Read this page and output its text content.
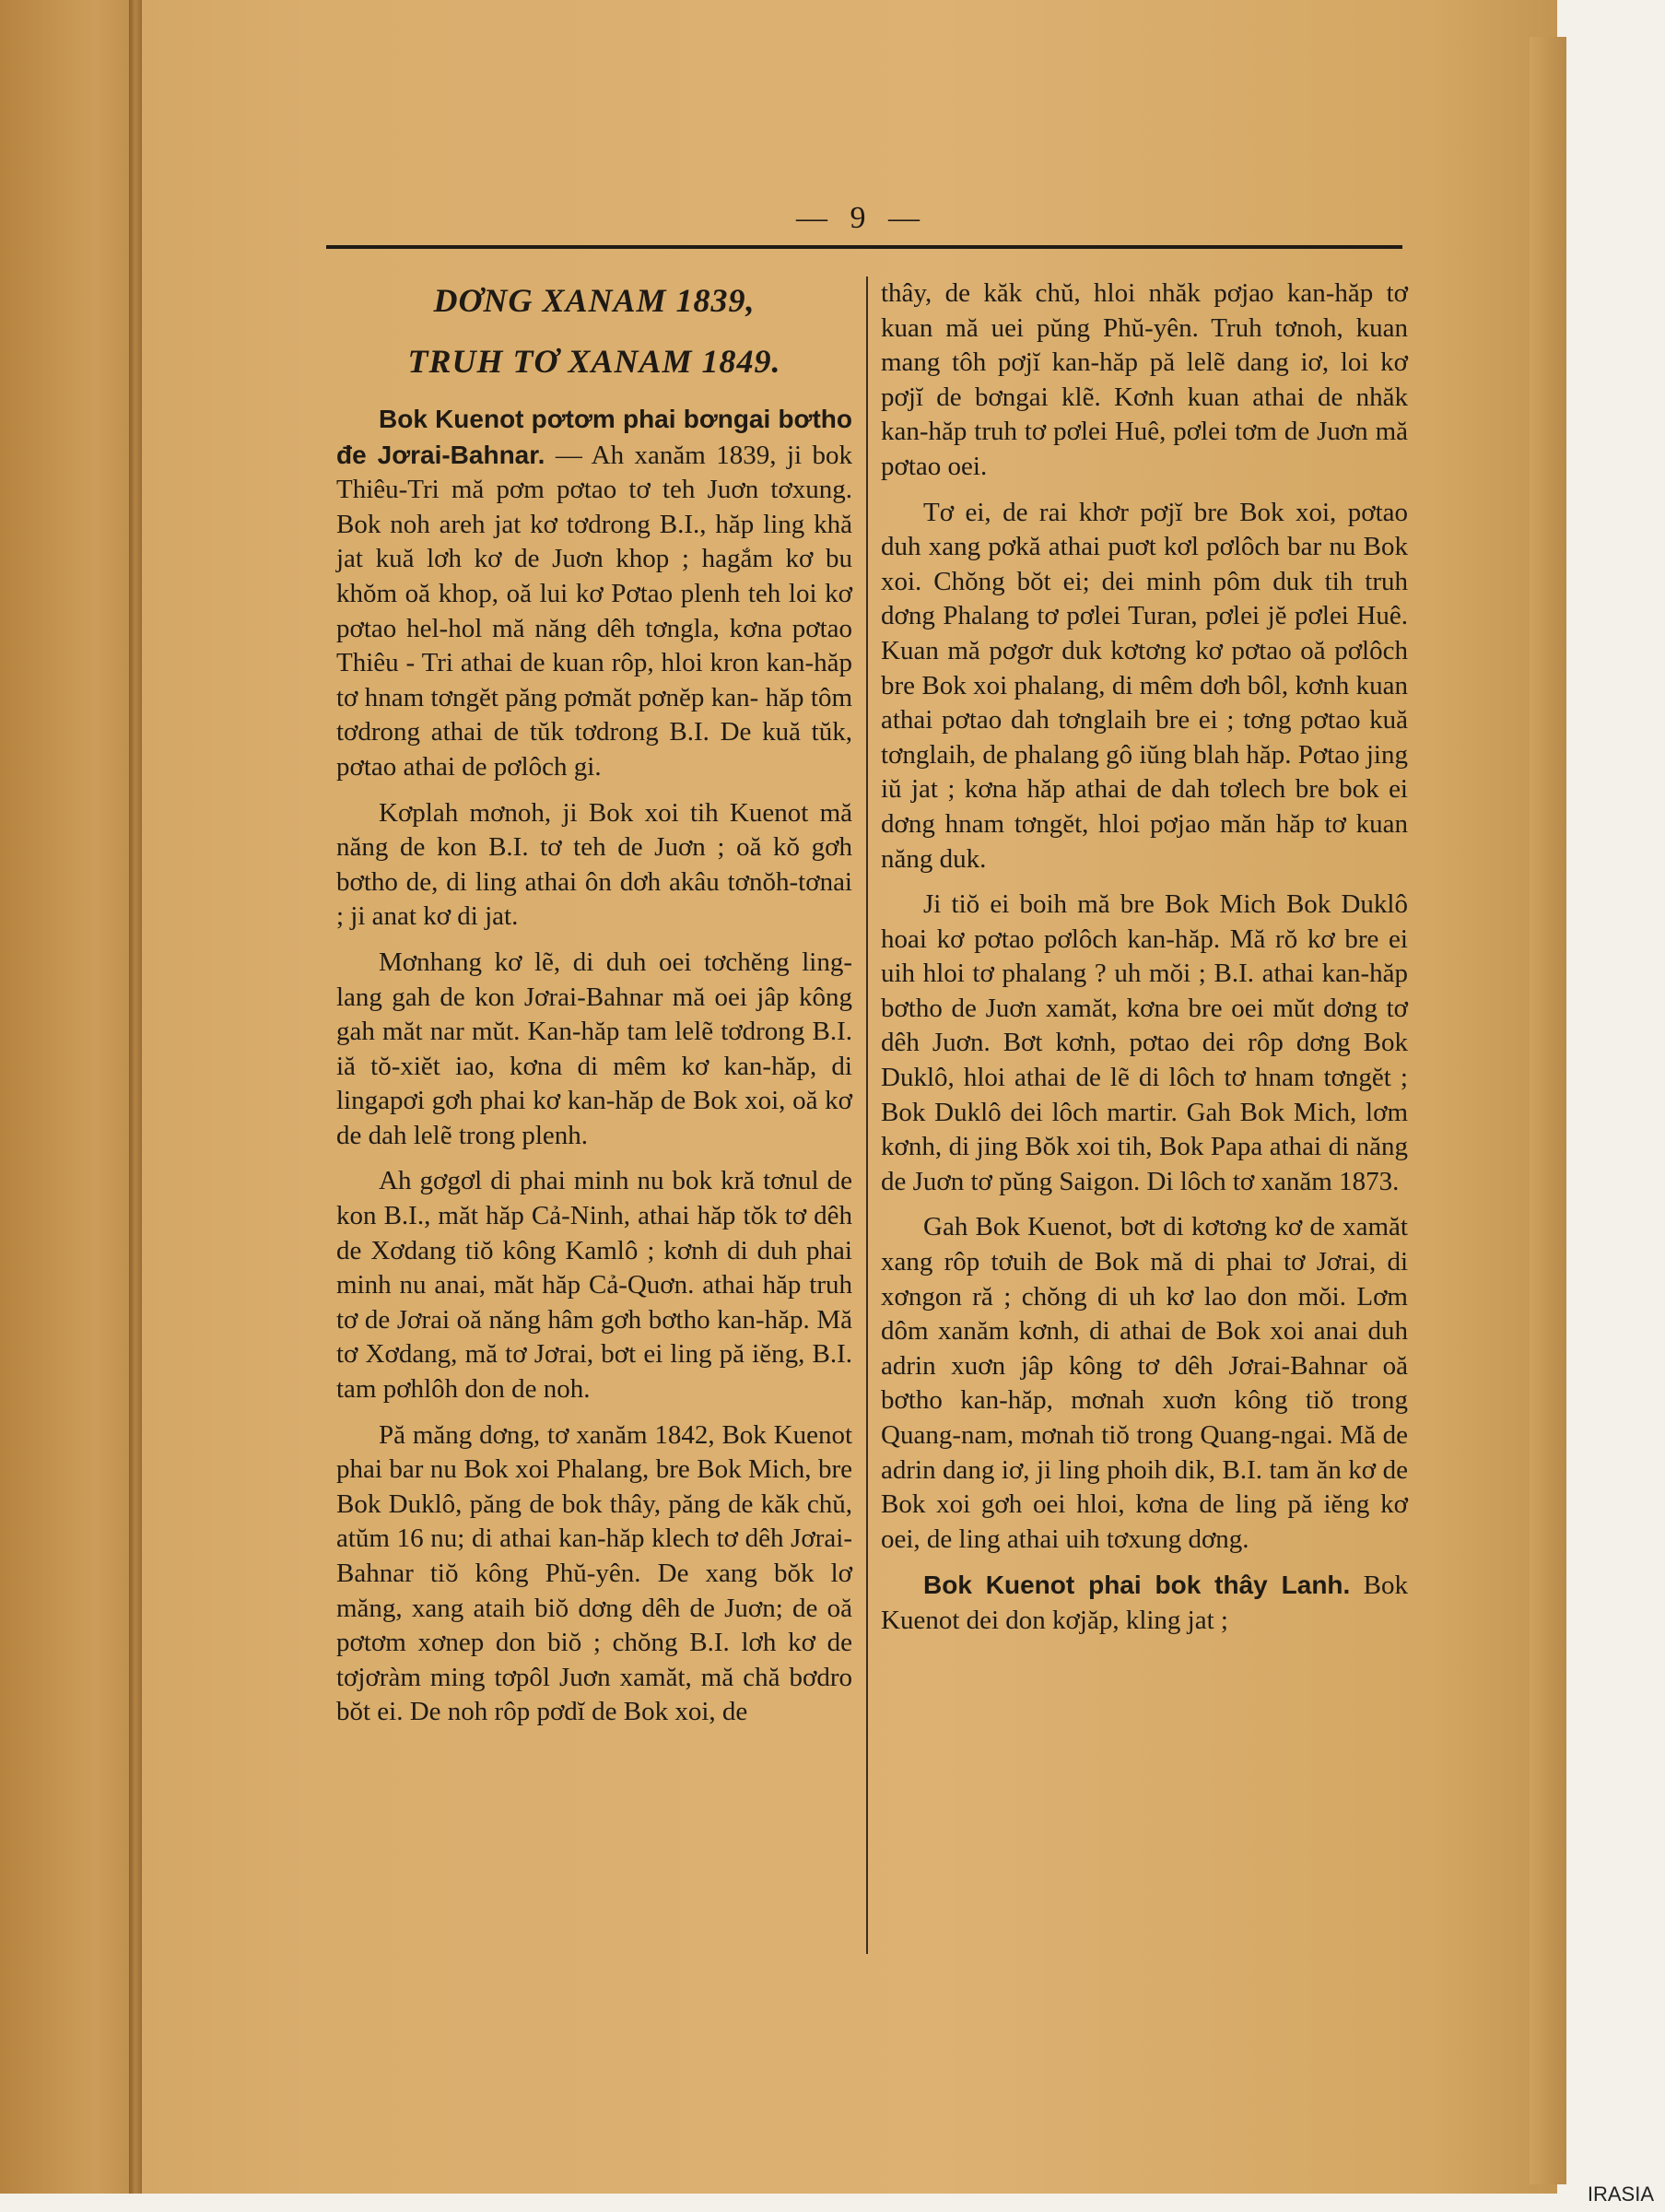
— 9 —
DƠNG XANAM 1839,
TRUH TƠ XANAM 1849.

Bok Kuenot pơtơm phai bơngai bơtho đe Jơrai-Bahnar. — Ah xanăm 1839, ji bok Thiêu-Tri mă pơm pơtao tơ teh Juơn tơxung. Bok noh areh jat kơ tơdrong B.I., hăp ling khă jat kuă lơh kơ de Juơn khop ; hagắm kơ bu khŏm oă khop, oă lui kơ Pơtao plenh teh loi kơ pơtao hel-hol mă năng dêh tơngla, kơna pơtao Thiêu - Tri athai de kuan rôp, hloi kron kan-hăp tơ hnam tơngĕt păng pơmăt pơnĕp kan- hăp tôm tơdrong athai de tŭk tơdrong B.I. De kuă tŭk, pơtao athai de pơlôch gi.

Kơplah mơnoh, ji Bok xoi tih Kuenot mă năng de kon B.I. tơ teh de Juơn ; oă kŏ gơh bơtho de, di ling athai ôn dơh akâu tơnŏh-tơnai ; ji anat kơ di jat.

Mơnhang kơ lẽ, di duh oei tơchĕng ling-lang gah de kon Jơrai-Bahnar mă oei jâp kông gah măt nar mŭt. Kan-hăp tam lelẽ tơdrong B.I. iă tŏ-xiĕt iao, kơna di mêm kơ kan-hăp, di lingapơi gơh phai kơ kan-hăp de Bok xoi, oă kơ de dah lelẽ trong plenh.

Ah gơgơl di phai minh nu bok kră tơnul de kon B.I., măt hăp Cả-Ninh, athai hăp tŏk tơ dêh de Xơdang tiŏ kông Kamlô ; kơnh di duh phai minh nu anai, măt hăp Cả-Quơn. athai hăp truh tơ de Jơrai oă năng hâm gơh bơtho kan-hăp. Mă tơ Xơdang, mă tơ Jơrai, bơt ei ling pă iĕng, B.I. tam pơhlôh don de noh.

Pă măng dơng, tơ xanăm 1842, Bok Kuenot phai bar nu Bok xoi Phalang, bre Bok Mich, bre Bok Duklô, păng de bok thây, păng de kăk chŭ, atŭm 16 nu; di athai kan-hăp klech tơ dêh Jơrai-Bahnar tiŏ kông Phŭ-yên. De xang bŏk lơ măng, xang ataih biŏ dơng dêh de Juơn; de oă pơtơm xơnep don biŏ ; chŏng B.I. lơh kơ de tơjơràm ming tơpôl Juơn xamăt, mă chă bơdro bŏt ei. De noh rôp pơdĭ de Bok xoi, de

thây, de kăk chŭ, hloi nhăk pơjao kan-hăp tơ kuan mă uei pŭng Phŭ-yên. Truh tơnoh, kuan mang tôh pơjĭ kan-hăp pă lelẽ dang iơ, loi kơ pơjĭ de bơngai klẽ. Kơnh kuan athai de nhăk kan-hăp truh tơ pơlei Huê, pơlei tơm de Juơn mă pơtao oei.

Tơ ei, de rai khơr pơjĭ bre Bok xoi, pơtao duh xang pơkă athai puơt kơl pơlôch bar nu Bok xoi. Chŏng bŏt ei; dei minh pôm duk tih truh dơng Phalang tơ pơlei Turan, pơlei jĕ pơlei Huê. Kuan mă pơgơr duk kơtơng kơ pơtao oă pơlôch bre Bok xoi phalang, di mêm dơh bôl, kơnh kuan athai pơtao dah tơnglaih bre ei ; tơng pơtao kuă tơnglaih, de phalang gô iŭng blah hăp. Pơtao jing iŭ jat ; kơna hăp athai de dah tơlech bre bok ei dơng hnam tơngĕt, hloi pơjao măn hăp tơ kuan năng duk.

Ji tiŏ ei boih mă bre Bok Mich Bok Duklô hoai kơ pơtao pơlôch kan-hăp. Mă rŏ kơ bre ei uih hloi tơ phalang ? uh mŏi ; B.I. athai kan-hăp bơtho de Juơn xamăt, kơna bre oei mŭt dơng tơ dêh Juơn. Bơt kơnh, pơtao dei rôp dơng Bok Duklô, hloi athai de lẽ di lôch tơ hnam tơngĕt ; Bok Duklô dei lôch martir. Gah Bok Mich, lơm kơnh, di jing Bŏk xoi tih, Bok Papa athai di năng de Juơn tơ pŭng Saigon. Di lôch tơ xanăm 1873.

Gah Bok Kuenot, bơt di kơtơng kơ de xamăt xang rôp tơuih de Bok mă di phai tơ Jơrai, di xơngon ră ; chŏng di uh kơ lao don mŏi. Lơm dôm xanăm kơnh, di athai de Bok xoi anai duh adrin xuơn jâp kông tơ dêh Jơrai-Bahnar oă bơtho kan-hăp, mơnah xuơn kông tiŏ trong Quang-nam, mơnah tiŏ trong Quang-ngai. Mă de adrin dang iơ, ji ling phoih dik, B.I. tam ăn kơ de Bok xoi gơh oei hloi, kơna de ling pă iĕng kơ oei, de ling athai uih tơxung dơng.

Bok Kuenot phai bok thây Lanh. Bok Kuenot dei don kơjăp, kling jat ;

IRASIA
